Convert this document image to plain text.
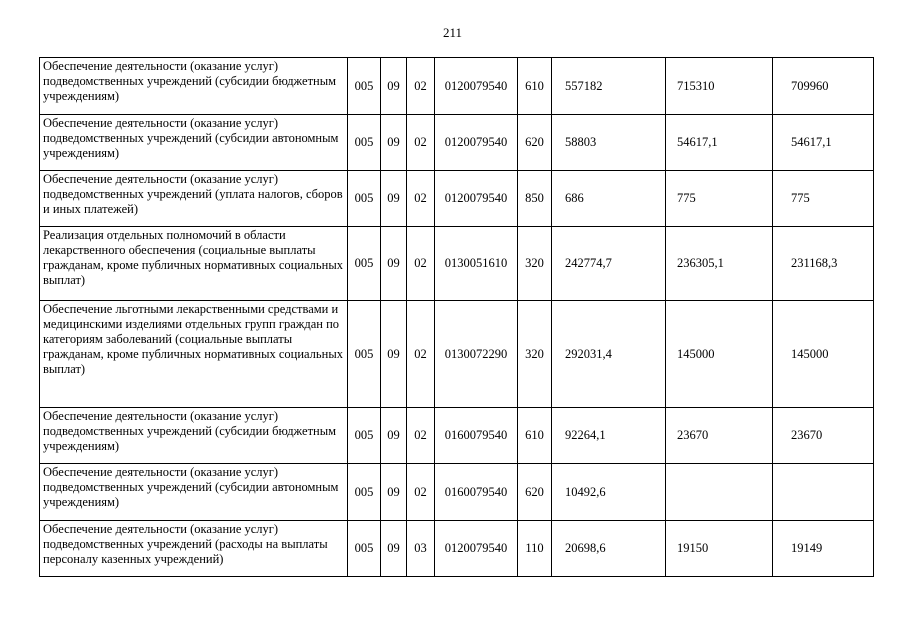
211
Обеспечение деятельности (оказание услуг) подведомственных учреждений (субсидии бюджетным учреждениям)	005	09	02	0120079540	610	557182	715310	709960
Обеспечение деятельности (оказание услуг) подведомственных учреждений (субсидии автономным учреждениям)	005	09	02	0120079540	620	58803	54617,1	54617,1
Обеспечение деятельности (оказание услуг) подведомственных учреждений (уплата налогов, сборов и иных платежей)	005	09	02	0120079540	850	686	775	775
Реализация отдельных полномочий в области лекарственного обеспечения (социальные выплаты гражданам, кроме публичных нормативных социальных выплат)	005	09	02	0130051610	320	242774,7	236305,1	231168,3
Обеспечение льготными лекарственными средствами и медицинскими изделиями отдельных групп граждан по категориям заболеваний (социальные выплаты гражданам, кроме публичных нормативных социальных выплат)	005	09	02	0130072290	320	292031,4	145000	145000
Обеспечение деятельности (оказание услуг) подведомственных учреждений (субсидии бюджетным учреждениям)	005	09	02	0160079540	610	92264,1	23670	23670
Обеспечение деятельности (оказание услуг) подведомственных учреждений (субсидии автономным учреждениям)	005	09	02	0160079540	620	10492,6		
Обеспечение деятельности (оказание услуг) подведомственных учреждений (расходы на выплаты персоналу казенных учреждений)	005	09	03	0120079540	110	20698,6	19150	19149
